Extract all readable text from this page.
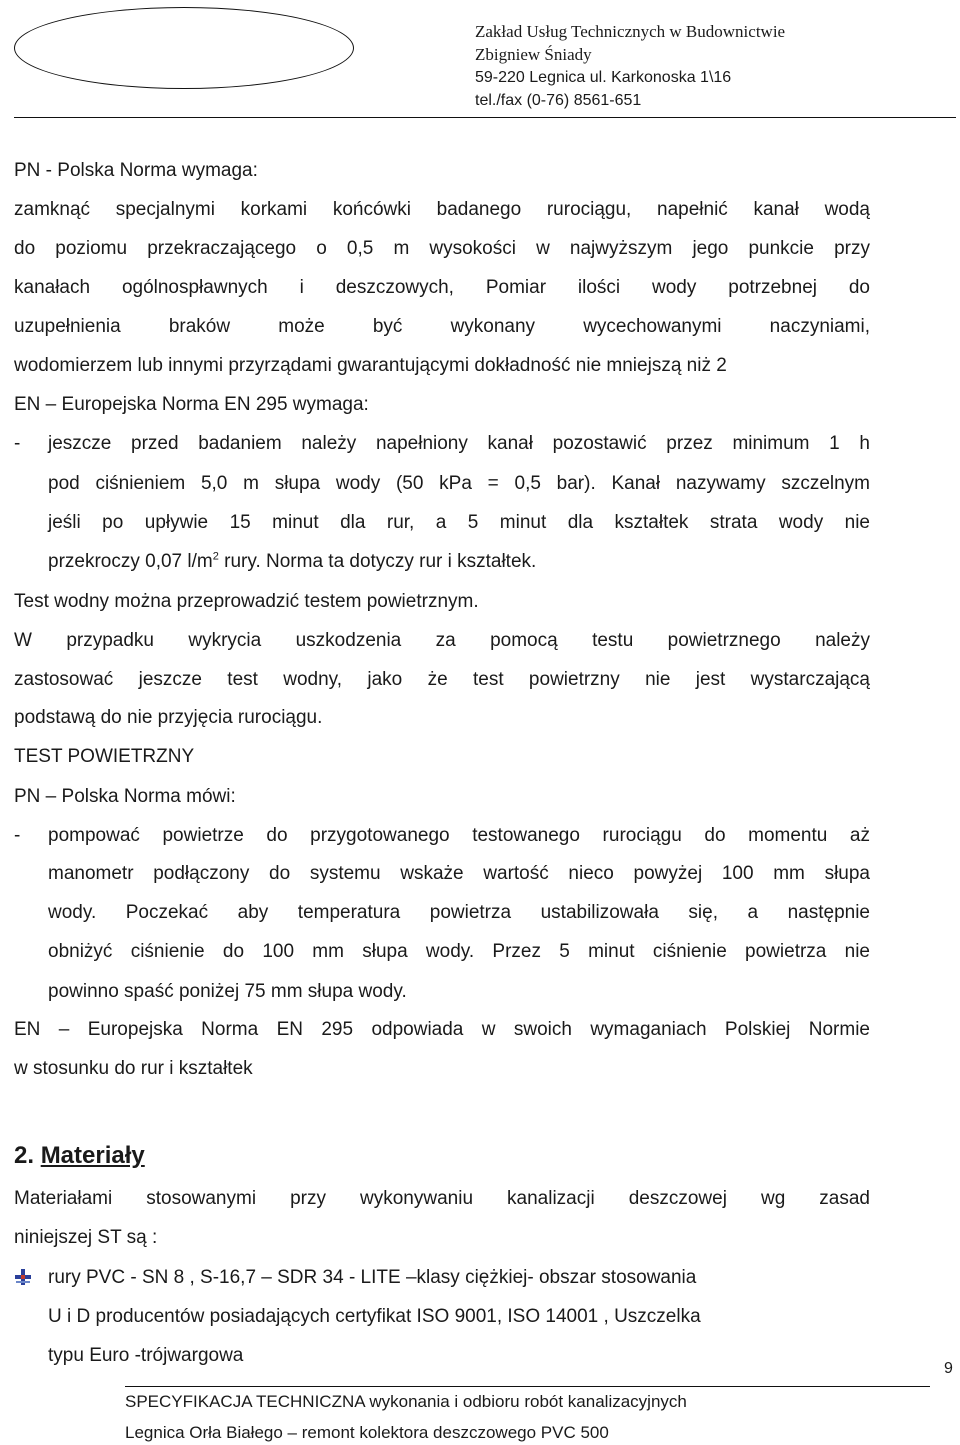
Zakład Usług Technicznych w Budownictwie
Zbigniew Śniady
59-220 Legnica ul. Karkonoska 1\16
tel./fax (0-76) 8561-651
PN - Polska Norma wymaga:
zamknąć specjalnymi korkami końcówki badanego rurociągu, napełnić kanał wodą
do poziomu przekraczającego o 0,5 m wysokości w najwyższym jego punkcie przy
kanałach ogólnospławnych i deszczowych, Pomiar ilości wody potrzebnej do
uzupełnienia braków może być wykonany wycechowanymi naczyniami,
wodomierzem lub innymi przyrządami gwarantującymi dokładność nie mniejszą niż 2
EN – Europejska Norma EN 295 wymaga:
- jeszcze przed badaniem należy napełniony kanał pozostawić przez minimum 1 h
pod ciśnieniem 5,0 m słupa wody (50 kPa = 0,5 bar). Kanał nazywamy szczelnym
jeśli po upływie 15 minut dla rur, a 5 minut dla kształtek strata wody nie
przekroczy 0,07 $l/m^2$ rury. Norma ta dotyczy rur i kształtek.
Test wodny można przeprowadzić testem powietrznym.
W przypadku wykrycia uszkodzenia za pomocą testu powietrznego należy
zastosować jeszcze test wodny, jako że test powietrzny nie jest wystarczającą
podstawą do nie przyjęcia rurociągu.
TEST POWIETRZNY
PN – Polska Norma mówi:
- pompować powietrze do przygotowanego testowanego rurociągu do momentu aż
manometr podłączony do systemu wskaże wartość nieco powyżej 100 mm słupa
wody. Poczekać aby temperatura powietrza ustabilizowała się, a następnie
obniżyć ciśnienie do 100 mm słupa wody. Przez 5 minut ciśnienie powietrza nie
powinno spaść poniżej 75 mm słupa wody.
EN – Europejska Norma EN 295 odpowiada w swoich wymaganiach Polskiej Normie
w stosunku do rur i kształtek
2. Materiały
Materiałami stosowanymi przy wykonywaniu kanalizacji deszczowej wg zasad
niniejszej ST są :
rury PVC - SN 8 , S-16,7 – SDR 34 - LITE –klasy ciężkiej- obszar stosowania
U i D producentów posiadających certyfikat ISO 9001, ISO 14001 , Uszczelka
typu Euro -trójwargowa
9
SPECYFIKACJA TECHNICZNA wykonania i odbioru robót kanalizacyjnych
Legnica Orła Białego – remont kolektora deszczowego PVC 500
